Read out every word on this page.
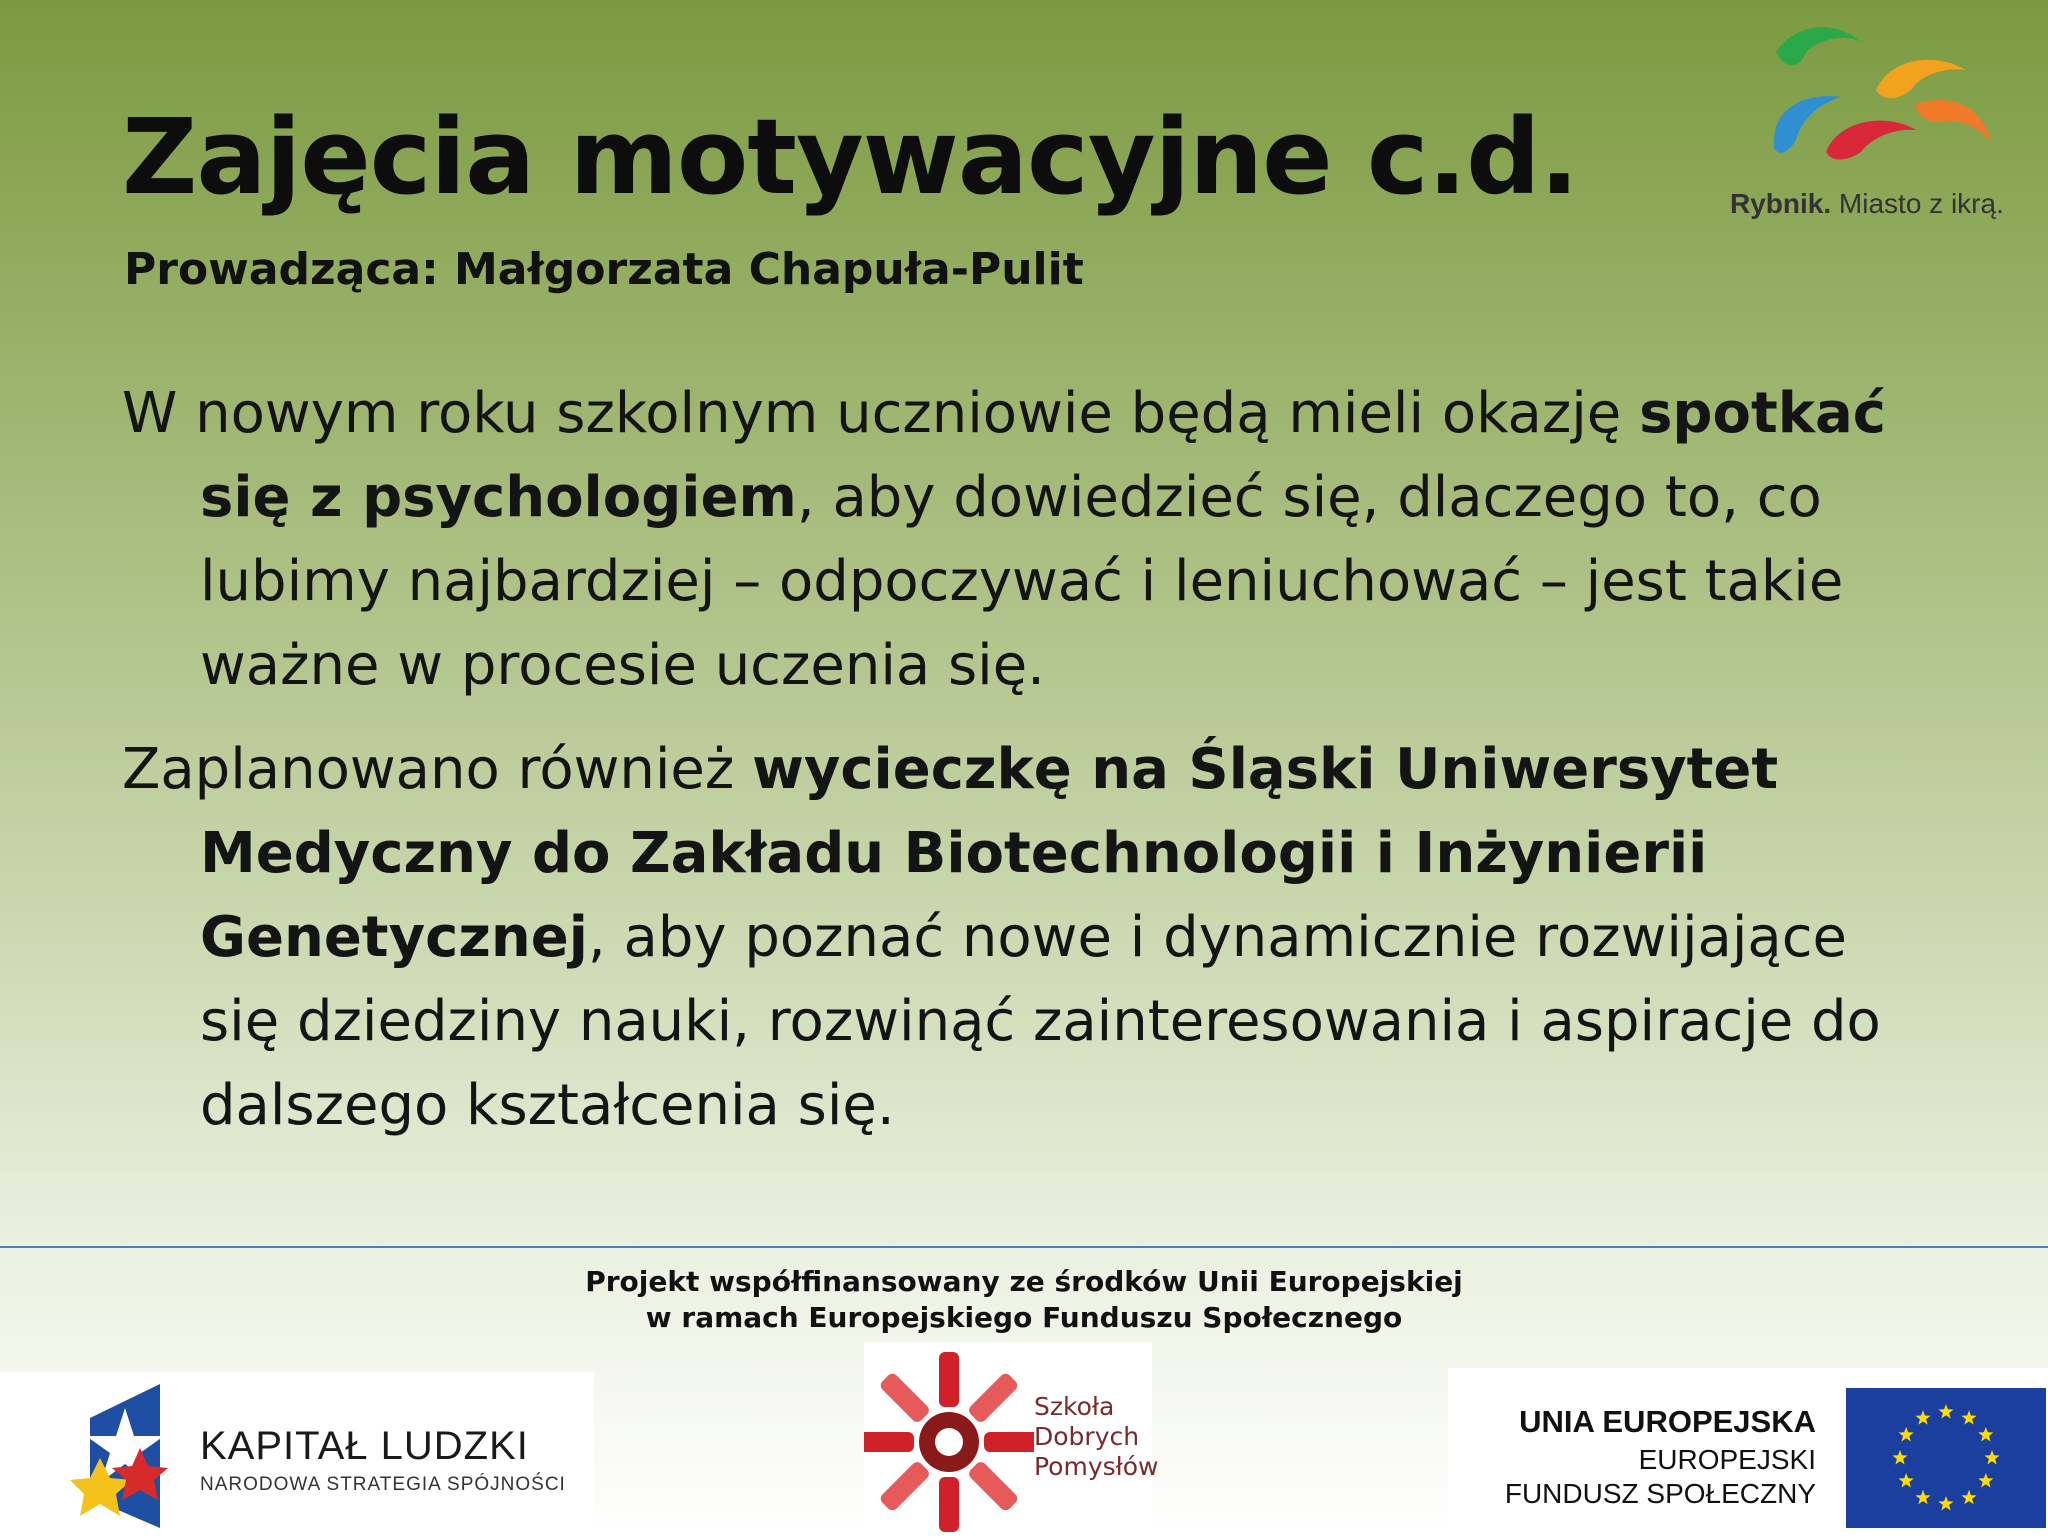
Zajęcia motywacyjne c.d.

Prowadząca: Małgorzata Chapuła-Pulit

Rybnik. Miasto z ikrą.

W nowym roku szkolnym uczniowie będą mieli okazję spotkać się z psychologiem, aby dowiedzieć się, dlaczego to, co lubimy najbardziej – odpoczywać i leniuchować – jest takie ważne w procesie uczenia się.

Zaplanowano również wycieczkę na Śląski Uniwersytet Medyczny do Zakładu Biotechnologii i Inżynierii Genetycznej, aby poznać nowe i dynamicznie rozwijające się dziedziny nauki, rozwinąć zainteresowania i aspiracje do dalszego kształcenia się.

Projekt współfinansowany ze środków Unii Europejskiej
w ramach Europejskiego Funduszu Społecznego
KAPITAŁ LUDZKI
NARODOWA STRATEGIA SPÓJNOŚCI
Szkoła
Dobrych
Pomysłów
UNIA EUROPEJSKA
EUROPEJSKI
FUNDUSZ SPOŁECZNY
